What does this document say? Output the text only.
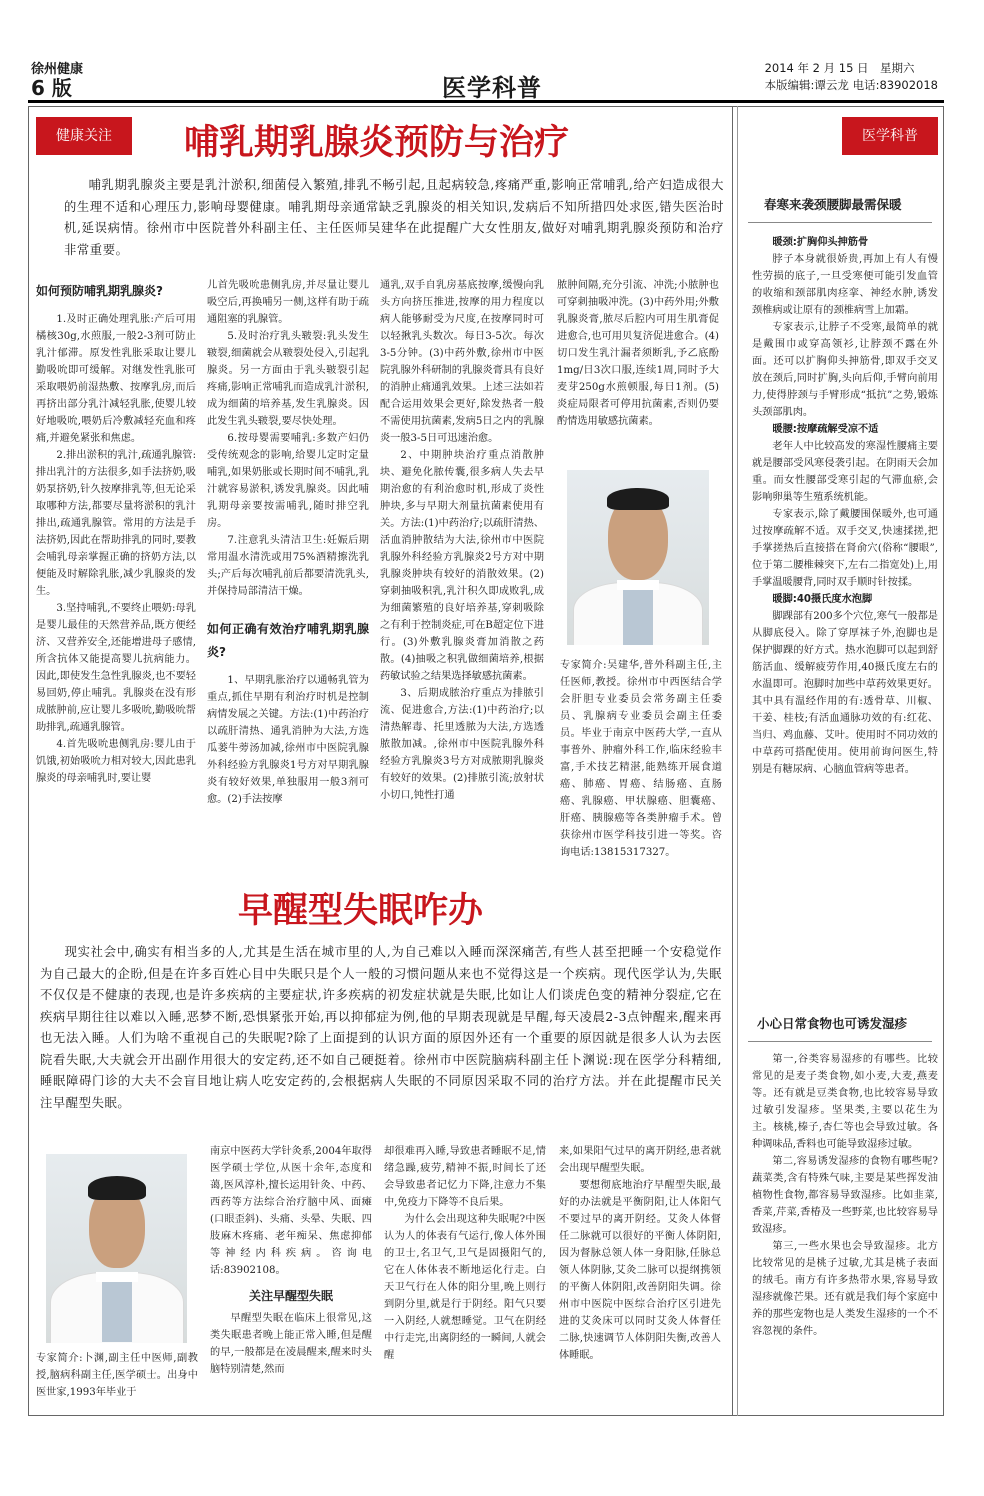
徐州健康
6 版	医学科普
2014 年 2 月 15 日　星期六
本版编辑:谭云龙 电话:83902018
健康关注	哺乳期乳腺炎预防与治疗
哺乳期乳腺炎主要是乳汁淤积,细菌侵入繁殖,排乳不畅引起,且起病较急,疼痛严重,影响正常哺乳,给产妇造成很大的生理不适和心理压力,影响母婴健康。哺乳期母亲通常缺乏乳腺炎的相关知识,发病后不知所措四处求医,错失医治时机,延误病情。徐州市中医院普外科副主任、主任医师吴建华在此提醒广大女性朋友,做好对哺乳期乳腺炎预防和治疗非常重要。
如何预防哺乳期乳腺炎?

1.及时正确处理乳胀:产后可用橘核30g,水煎服,一般2-3剂可防止乳汁郁滞。原发性乳胀采取让婴儿勤吸吮即可缓解。对继发性乳胀可采取喂奶前湿热敷、按摩乳房,而后再挤出部分乳汁减轻乳胀,使婴儿较好地吸吮,喂奶后冷敷减轻充血和疼痛,并避免紧张和焦虑。

2.排出淤积的乳汁,疏通乳腺管:排出乳汁的方法很多,如手法挤奶,吸奶泵挤奶,针久按摩排乳等,但无论采取哪种方法,都要尽量将淤积的乳汁排出,疏通乳腺管。常用的方法是手法挤奶,因此在帮助排乳的同时,要教会哺乳母亲掌握正确的挤奶方法,以便能及时解除乳胀,减少乳腺炎的发生。

3.坚持哺乳,不要终止喂奶:母乳是婴儿最佳的天然营养品,既方便经济、又营养安全,还能增进母子感情,所含抗体又能提高婴儿抗病能力。因此,即使发生急性乳腺炎,也不要轻易回奶,停止哺乳。乳腺炎在没有形成脓肿前,应让婴儿多吸吮,勤吸吮帮助排乳,疏通乳腺管。

4.首先吸吮患侧乳房:婴儿由于饥饿,初始吸吮力相对较大,因此患乳腺炎的母亲哺乳时,要让婴

儿首先吸吮患侧乳房,并尽量让婴儿吸空后,再换哺另一侧,这样有助于疏通阻塞的乳腺管。

5.及时治疗乳头皲裂:乳头发生皲裂,细菌就会从皲裂处侵入,引起乳腺炎。另一方面由于乳头皲裂引起疼痛,影响正常哺乳而造成乳汁淤积,成为细菌的培养基,发生乳腺炎。因此发生乳头皲裂,要尽快处理。

6.按母婴需要哺乳:多数产妇仍受传统观念的影响,给婴儿定时定量哺乳,如果奶胀或长期时间不哺乳,乳汁就容易淤积,诱发乳腺炎。因此哺乳期母亲要按需哺乳,随时排空乳房。

7.注意乳头清洁卫生:妊娠后期常用温水清洗或用75%酒精擦洗乳头;产后每次哺乳前后都要清洗乳头,并保持局部清洁干燥。

如何正确有效治疗哺乳期乳腺炎?

1、早期乳胀治疗以通畅乳管为重点,抓住早期有利治疗时机是控制病情发展之关键。方法:(1)中药治疗以疏肝清热、通乳消肿为大法,方选瓜蒌牛蒡汤加减,徐州市中医院乳腺外科经验方乳腺炎1号方对早期乳腺炎有较好效果,单独服用一般3剂可愈。(2)手法按摩

通乳,双手自乳房基底按摩,缓慢向乳头方向挤压推进,按摩的用力程度以病人能够耐受为尺度,在按摩同时可以轻揪乳头数次。每日3-5次。每次3-5分钟。(3)中药外敷,徐州市中医院乳腺外科研制的乳腺炎膏具有良好的消肿止痛通乳效果。上述三法如若配合运用效果会更好,除发热者一般不需使用抗菌素,发病5日之内的乳腺炎一般3-5日可迅速治愈。

2、中期肿块治疗重点消散肿块、避免化脓传囊,很多病人失去早期治愈的有利治愈时机,形成了炎性肿块,多与早期大剂量抗菌素使用有关。方法:(1)中药治疗;以疏肝清热、活血消肿散结为大法,徐州市中医院乳腺外科经验方乳腺炎2号方对中期乳腺炎肿块有较好的消散效果。(2)穿刺抽吸积乳,乳汁积久即成败乳,成为细菌繁殖的良好培养基,穿刺吸除之有利于控制炎症,可在B超定位下进行。(3)外敷乳腺炎膏加消散之药散。(4)抽吸之积乳做细菌培养,根据药敏试验之结果选择敏感抗菌素。

3、后期成脓治疗重点为排脓引流、促进愈合,方法:(1)中药治疗;以清热解毒、托里透脓为大法,方选透脓散加减。,徐州市中医院乳腺外科经验方乳腺炎3号方对成脓期乳腺炎有较好的效果。(2)排脓引流;放射状小切口,钝性打通

脓肿间隔,充分引流、冲洗;小脓肿也可穿刺抽吸冲洗。(3)中药外用;外敷乳腺炎膏,脓尽后腔内可用生肌膏促进愈合,也可用贝复济促进愈合。(4)切口发生乳汁漏者须断乳,予乙底酚1mg/日3次口服,连续1周,同时予大麦芽250g水煎顿服,每日1剂。(5)炎症局限者可停用抗菌素,否则仍要酌情选用敏感抗菌素。

专家简介:吴建华,普外科副主任,主任医师,教授。徐州市中西医结合学会肝胆专业委员会常务副主任委员、乳腺病专业委员会副主任委员。毕业于南京中医药大学,一直从事普外、肿瘤外科工作,临床经验丰富,手术技艺精湛,能熟练开展食道癌、肺癌、胃癌、结肠癌、直肠癌、乳腺癌、甲状腺癌、胆囊癌、肝癌、胰腺癌等各类肿瘤手术。曾获徐州市医学科技引进一等奖。咨询电话:13815317327。

早醒型失眠咋办
现实社会中,确实有相当多的人,尤其是生活在城市里的人,为自己难以入睡而深深痛苦,有些人甚至把睡一个安稳觉作为自己最大的企盼,但是在许多百姓心目中失眠只是个人一般的习惯问题从来也不觉得这是一个疾病。现代医学认为,失眠不仅仅是不健康的表现,也是许多疾病的主要症状,许多疾病的初发症状就是失眠,比如让人们谈虎色变的精神分裂症,它在疾病早期往往以难以入睡,恶梦不断,恐惧紧张开始,再以抑郁症为例,他的早期表现就是早醒,每天凌晨2-3点钟醒来,醒来再也无法入睡。人们为啥不重视自己的失眠呢?除了上面提到的认识方面的原因外还有一个重要的原因就是很多人认为去医院看失眠,大夫就会开出副作用很大的安定药,还不如自己硬挺着。徐州市中医院脑病科副主任卜渊说:现在医学分科精细,睡眠障碍门诊的大夫不会盲目地让病人吃安定药的,会根据病人失眠的不同原因采取不同的治疗方法。并在此提醒市民关注早醒型失眠。

专家简介:卜渊,副主任中医师,副教授,脑病科副主任,医学硕士。出身中医世家,1993年毕业于

南京中医药大学针灸系,2004年取得医学硕士学位,从医十余年,态度和蔼,医风淳朴,擅长运用针灸、中药、西药等方法综合治疗脑中风、面瘫(口眼歪斜)、头痛、头晕、失眠、四肢麻木疼痛、老年痴呆、焦虑抑郁等神经内科疾病。咨询电话:83902108。

关注早醒型失眠

早醒型失眠在临床上很常见,这类失眠患者晚上能正常入睡,但是醒的早,一般都是在凌晨醒来,醒来时头脑特别清楚,然而

却很难再入睡,导致患者睡眠不足,情绪急躁,疲劳,精神不振,时间长了还会导致患者记忆力下降,注意力不集中,免疫力下降等不良后果。

为什么会出现这种失眠呢?中医认为人的体表有气运行,像人体外围的卫士,名卫气,卫气是固摄阳气的,它在人体体表不断地运化行走。白天卫气行在人体的阳分里,晚上则行到阴分里,就是行于阴经。阳气只要一入阴经,人就想睡觉。卫气在阴经中行走完,出离阴经的一瞬间,人就会醒

来,如果阳气过早的离开阴经,患者就会出现早醒型失眠。

要想彻底地治疗早醒型失眠,最好的办法就是平衡阴阳,让人体阳气不要过早的离开阴经。艾灸人体督任二脉就可以很好的平衡人体阴阳,因为督脉总领人体一身阳脉,任脉总领人体阴脉,艾灸二脉可以提纲携领的平衡人体阴阳,改善阴阳失调。徐州市中医院中医综合治疗区引进先进的艾灸床可以同时艾灸人体督任二脉,快速调节人体阴阳失衡,改善人体睡眠。

医学科普
春寒来袭颈腰脚最需保暖

暖颈:扩胸仰头抻筋骨

脖子本身就很娇贵,再加上有人有慢性劳损的底子,一旦受寒便可能引发血管的收缩和颈部肌肉痉挛、神经水肿,诱发颈椎病或让原有的颈椎病雪上加霜。

专家表示,让脖子不受寒,最简单的就是戴围巾或穿高领衫,让脖颈不露在外面。还可以扩胸仰头抻筋骨,即双手交叉放在颈后,同时扩胸,头向后仰,手臂向前用力,使得脖颈与手臂形成“抵抗”之势,锻炼头颈部肌肉。

暖腰:按摩疏解受凉不适

老年人中比较高发的寒湿性腰痛主要就是腰部受风寒侵袭引起。在阴雨天会加重。而女性腰部受寒引起的气滞血瘀,会影响卵巢等生殖系统机能。

专家表示,除了戴腰围保暖外,也可通过按摩疏解不适。双手交叉,快速揉搓,把手掌搓热后直接搭在肾俞穴(俗称“腰眼”,位于第二腰椎棘突下,左右二指宽处)上,用手掌温暖腰背,同时双手顺时针按揉。

暖脚:40摄氏度水泡脚

脚踝部有200多个穴位,寒气一般都是从脚底侵入。除了穿厚袜子外,泡脚也是保护脚踝的好方式。热水泡脚可以起到舒筋活血、缓解疲劳作用,40摄氏度左右的水温即可。泡脚时加些中草药效果更好。其中具有温经作用的有:透骨草、川椒、干姜、桂枝;有活血通脉功效的有:红花、当归、鸡血藤、艾叶。使用时不同功效的中草药可搭配使用。使用前询问医生,特别是有糖尿病、心脑血管病等患者。

小心日常食物也可诱发湿疹

第一,谷类容易湿疹的有哪些。比较常见的是麦子类食物,如小麦,大麦,燕麦等。还有就是豆类食物,也比较容易导致过敏引发湿疹。坚果类,主要以花生为主。核桃,榛子,杏仁等也会导致过敏。各种调味品,香料也可能导致湿疹过敏。

第二,容易诱发湿疹的食物有哪些呢?蔬菜类,含有特殊气味,主要是某些挥发油植物性食物,都容易导致湿疹。比如韭菜,香菜,芹菜,香椿及一些野菜,也比较容易导致湿疹。

第三,一些水果也会导致湿疹。北方比较常见的是桃子过敏,尤其是桃子表面的绒毛。南方有许多热带水果,容易导致湿疹就像芒果。还有就是我们每个家庭中养的那些宠物也是人类发生湿疹的一个不容忽视的条件。
